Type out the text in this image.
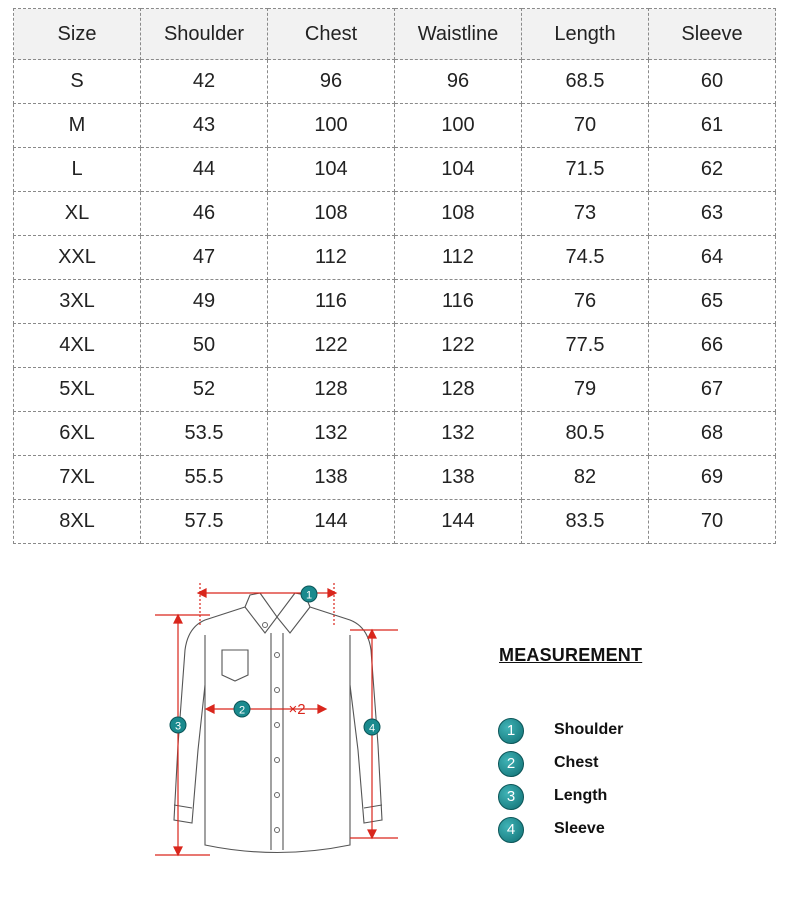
Size	Shoulder	Chest	Waistline	Length	Sleeve
S	42	96	96	68.5	60
M	43	100	100	70	61
L	44	104	104	71.5	62
XL	46	108	108	73	63
XXL	47	112	112	74.5	64
3XL	49	116	116	76	65
4XL	50	122	122	77.5	66
5XL	52	128	128	79	67
6XL	53.5	132	132	80.5	68
7XL	55.5	138	138	82	69
8XL	57.5	144	144	83.5	70
1
2	×2
3	4
MEASUREMENT
1	Shoulder
2	Chest
3	Length
4	Sleeve
